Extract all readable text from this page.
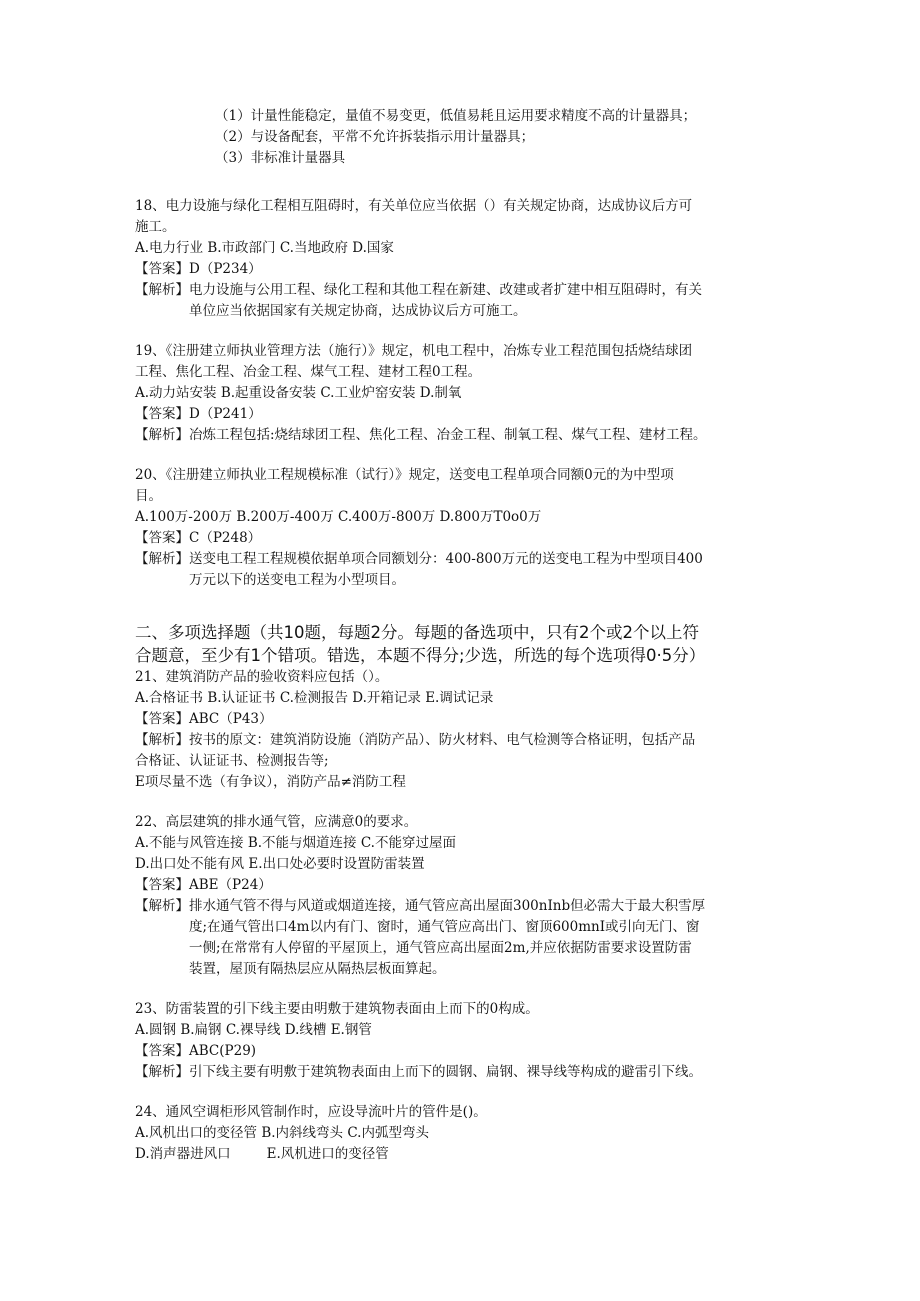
（1）计量性能稳定，量值不易变更，低值易耗且运用要求精度不高的计量器具；
（2）与设备配套，平常不允许拆装指示用计量器具；
（3）非标准计量器具
18、电力设施与绿化工程相互阻碍时，有关单位应当依据（）有关规定协商，达成协议后方可
施工。
A.电力行业 B.市政部门 C.当地政府 D.国家
【答案】D（P234）
【解析】 电力设施与公用工程、绿化工程和其他工程在新建、改建或者扩建中相互阻碍时，有关
单位应当依据国家有关规定协商，达成协议后方可施工。
19、《注册建立师执业管理方法（施行）》规定，机电工程中，冶炼专业工程范围包括烧结球团
工程、焦化工程、冶金工程、煤气工程、建材工程0工程。
A.动力站安装 B.起重设备安装 C.工业炉窑安装 D.制氧
【答案】D（P241）
【解析】 冶炼工程包括:烧结球团工程、焦化工程、冶金工程、制氧工程、煤气工程、建材工程。
20、《注册建立师执业工程规模标准（试行）》规定，送变电工程单项合同额0元的为中型项
目。
A.100万-200万 B.200万-400万 C.400万-800万 D.800万T0o0万
【答案】C（P248）
【解析】 送变电工程工程规模依据单项合同额划分：400-800万元的送变电工程为中型项目400
万元以下的送变电工程为小型项目。
二、多项选择题（共10题，每题2分。每题的备选项中，只有2个或2个以上符
合题意，至少有1个错项。错选，本题不得分;少选，所选的每个选项得0·5分）
21、建筑消防产品的验收资料应包括（）。
A.合格证书 B.认证证书 C.检测报告 D.开箱记录 E.调试记录
【答案】ABC（P43）
【解析】 按书的原文：建筑消防设施（消防产品）、防火材料、电气检测等合格证明，包括产品
合格证、认证证书、检测报告等;
E项尽量不选（有争议），消防产品≠消防工程
22、高层建筑的排水通气管，应满意0的要求。
A.不能与风管连接 B.不能与烟道连接 C.不能穿过屋面
D.出口处不能有风 E.出口处必要时设置防雷装置
【答案】ABE（P24）
【解析】 排水通气管不得与风道或烟道连接，通气管应高出屋面300nInb但必需大于最大积雪厚
度;在通气管出口4m以内有门、窗时，通气管应高出门、窗顶600mnI或引向无门、窗
一侧;在常常有人停留的平屋顶上，通气管应高出屋面2m,并应依据防雷要求设置防雷
装置，屋顶有隔热层应从隔热层板面算起。
23、防雷装置的引下线主要由明敷于建筑物表面由上而下的0构成。
A.圆钢 B.扁钢 C.裸导线 D.线槽 E.钢管
【答案】ABC(P29)
【解析】 引下线主要有明敷于建筑物表面由上而下的圆钢、扁钢、裸导线等构成的避雷引下线。
24、通风空调柜形风管制作时，应设导流叶片的管件是()。
A.风机出口的变径管 B.内斜线弯头 C.内弧型弯头
D.消声器进风口	E.风机进口的变径管
